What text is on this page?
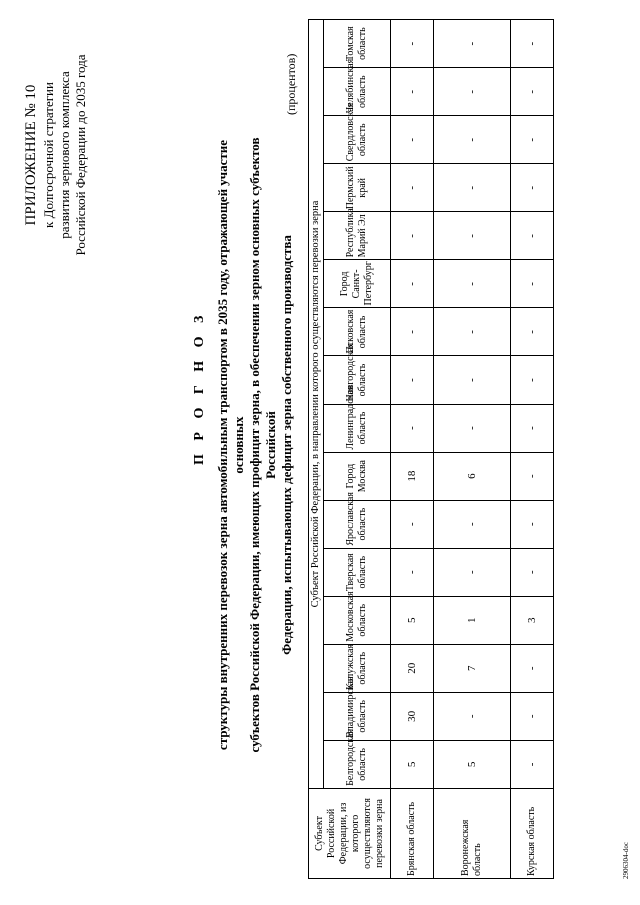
ПРИЛОЖЕНИЕ № 10 к Долгосрочной стратегии развития зернового комплекса Российской Федерации до 2035 года
П Р О Г Н О З структуры внутренних перевозок зерна автомобильным транспортом в 2035 году, отражающей участие основных субъектов Российской Федерации, имеющих профицит зерна, в обеспечении зерном основных субъектов Российской Федерации, испытывающих дефицит зерна собственного производства
(процентов)
Субъект Российской Федерации, из которого осуществляются перевозки зерна	Субъект Российской Федерации, в направлении которого осуществляются перевозки зерна															
	Белгородская область	Владимирская область	Калужская область	Московская область	Тверская область	Ярославская область	Город Москва	Ленинградская область	Новгородская область	Псковская область	Город Санкт-Петербург	Республика Марий Эл	Пермский край	Свердловская область	Челябинская область	Томская область
Брянская область	5	30	20	5	-	-	18	-	-	-	-	-	-	-	-	-
Воронежская область	5	-	7	1	-	-	6	-	-	-	-	-	-	-	-	-
Курская область	-	-	-	3	-	-	-	-	-	-	-	-	-	-	-	-
2906304-doc
